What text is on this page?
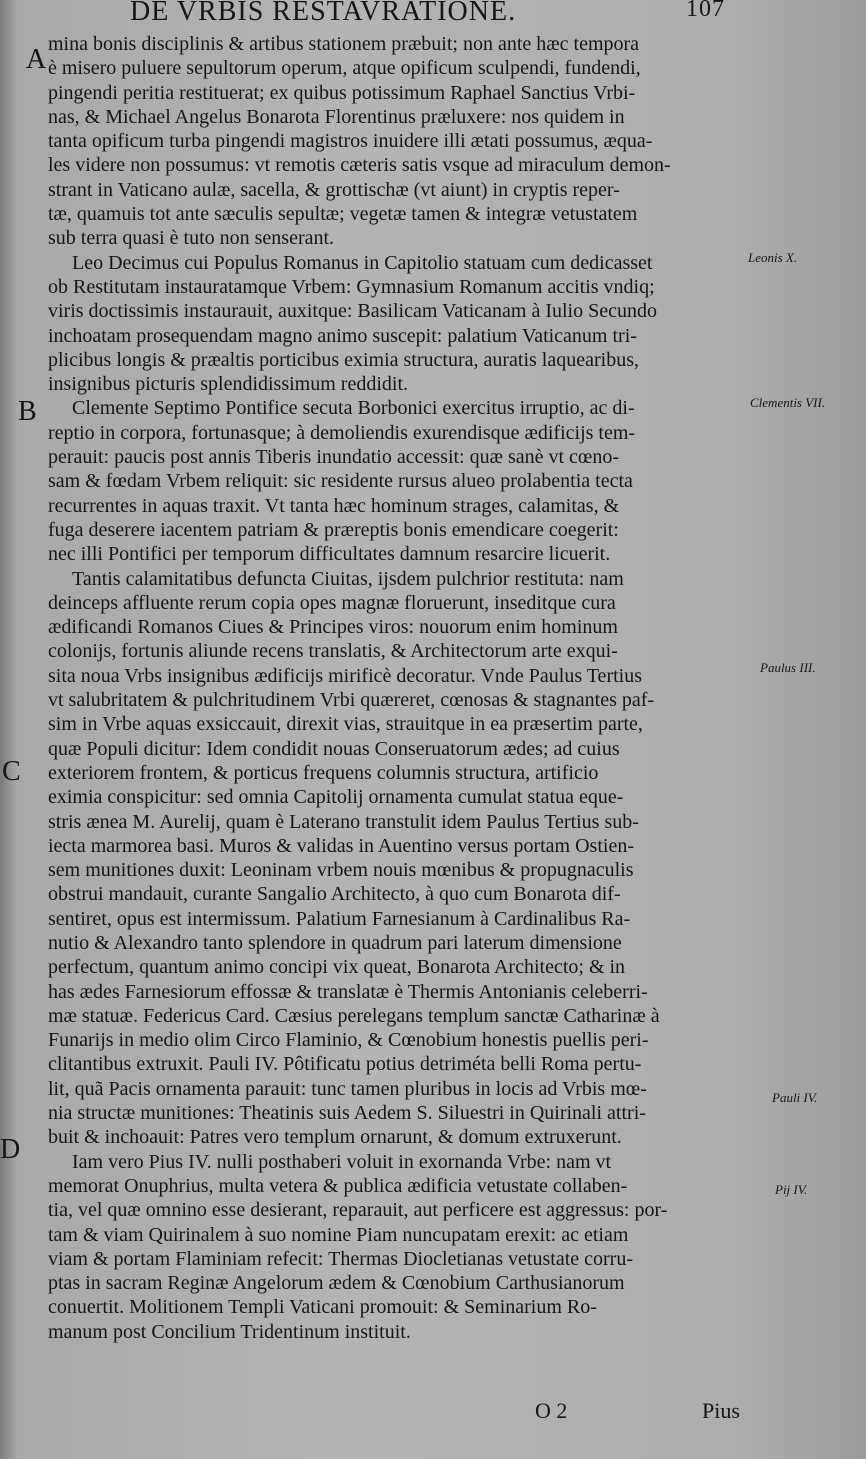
DE VRBIS RESTAVRATIONE.	107
A mina bonis disciplinis & artibus stationem præbuit; non ante hæc tempora
è misero puluere sepultorum operum, atque opificum sculpendi, fundendi,
pingendi peritia restituerat; ex quibus potissimum Raphael Sanctius Vrbi-
nas, & Michael Angelus Bonarota Florentinus præluxere: nos quidem in
tanta opificum turba pingendi magistros inuidere illi ætati possumus, æqua-
les videre non possumus: vt remotis cæteris satis vsque ad miraculum demon-
strant in Vaticano aulæ, sacella, & grottischæ (vt aiunt) in cryptis reper-
tæ, quamuis tot ante sæculis sepultæ; vegetæ tamen & integræ vetustatem
sub terra quasi è tuto non senserant.
Leo Decimus cui Populus Romanus in Capitolio statuam cum dedicasset
ob Restitutam instauratamque Vrbem: Gymnasium Romanum accitis vndiq;
viris doctissimis instaurauit, auxitque: Basilicam Vaticanam à Iulio Secundo
inchoatam prosequendam magno animo suscepit: palatium Vaticanum tri-
plicibus longis & præaltis porticibus eximia structura, auratis laquearibus,
insignibus picturis splendidissimum reddidit.
Clemente Septimo Pontifice secuta Borbonici exercitus irruptio, ac di-
reptio in corpora, fortunasque; à demoliendis exurendisque ædificijs tem-
perauit: paucis post annis Tiberis inundatio accessit: quæ sanè vt cœno-
sam & fœdam Vrbem reliquit: sic residente rursus alueo prolabentia tecta
recurrentes in aquas traxit. Vt tanta hæc hominum strages, calamitas, &
fuga deserere iacentem patriam & præreptis bonis emendicare coegerit:
nec illi Pontifici per temporum difficultates damnum resarcire licuerit.
Tantis calamitatibus defuncta Ciuitas, ijsdem pulchrior restituta: nam
deinceps affluente rerum copia opes magnæ floruerunt, inseditque cura
ædificandi Romanos Ciues & Principes viros: nouorum enim hominum
colonijs, fortunis aliunde recens translatis, & Architectorum arte exqui-
sita noua Vrbs insignibus ædificijs mirificè decoratur. Vnde Paulus Tertius
vt salubritatem & pulchritudinem Vrbi quæreret, cœnosas & stagnantes paf-
sim in Vrbe aquas exsiccauit, direxit vias, strauitque in ea præsertim parte,
quæ Populi dicitur: Idem condidit nouas Conseruatorum ædes; ad cuius
exteriorem frontem, & porticus frequens columnis structura, artificio
eximia conspicitur: sed omnia Capitolij ornamenta cumulat statua eque-
stris ænea M. Aurelij, quam è Laterano transtulit idem Paulus Tertius sub-
iecta marmorea basi. Muros & validas in Auentino versus portam Ostien-
sem munitiones duxit: Leoninam vrbem nouis mœnibus & propugnaculis
obstrui mandauit, curante Sangalio Architecto, à quo cum Bonarota dif-
sentiret, opus est intermissum. Palatium Farnesianum à Cardinalibus Ra-
nutio & Alexandro tanto splendore in quadrum pari laterum dimensione
perfectum, quantum animo concipi vix queat, Bonarota Architecto; & in
has ædes Farnesiorum effossæ & translatæ è Thermis Antonianis celeberri-
mæ statuæ. Federicus Card. Cæsius perelegans templum sanctæ Catharinæ à
Funarijs in medio olim Circo Flaminio, & Cœnobium honestis puellis peri-
clitantibus extruxit. Pauli IV. Pôtificatu potius detriméta belli Roma pertu-
lit, quã Pacis ornamenta parauit: tunc tamen pluribus in locis ad Vrbis mœ-
nia structæ munitiones: Theatinis suis Aedem S. Siluestri in Quirinali attri-
buit & inchoauit: Patres vero templum ornarunt, & domum extruxerunt.
Iam vero Pius IV. nulli posthaberi voluit in exornanda Vrbe: nam vt
memorat Onuphrius, multa vetera & publica ædificia vetustate collaben-
tia, vel quæ omnino esse desierant, reparauit, aut perficere est aggressus: por-
tam & viam Quirinalem à suo nomine Piam nuncupatam erexit: ac etiam
viam & portam Flaminiam refecit: Thermas Diocletianas vetustate corru-
ptas in sacram Reginæ Angelorum ædem & Cœnobium Carthusianorum
conuertit. Molitionem Templi Vaticani promouit: & Seminarium Ro-
manum post Concilium Tridentinum instituit.
Leonis X.
Clementis VII.
Paulus III.
Pauli IV.
Pij IV.
B
C
D
O 2	Pius
